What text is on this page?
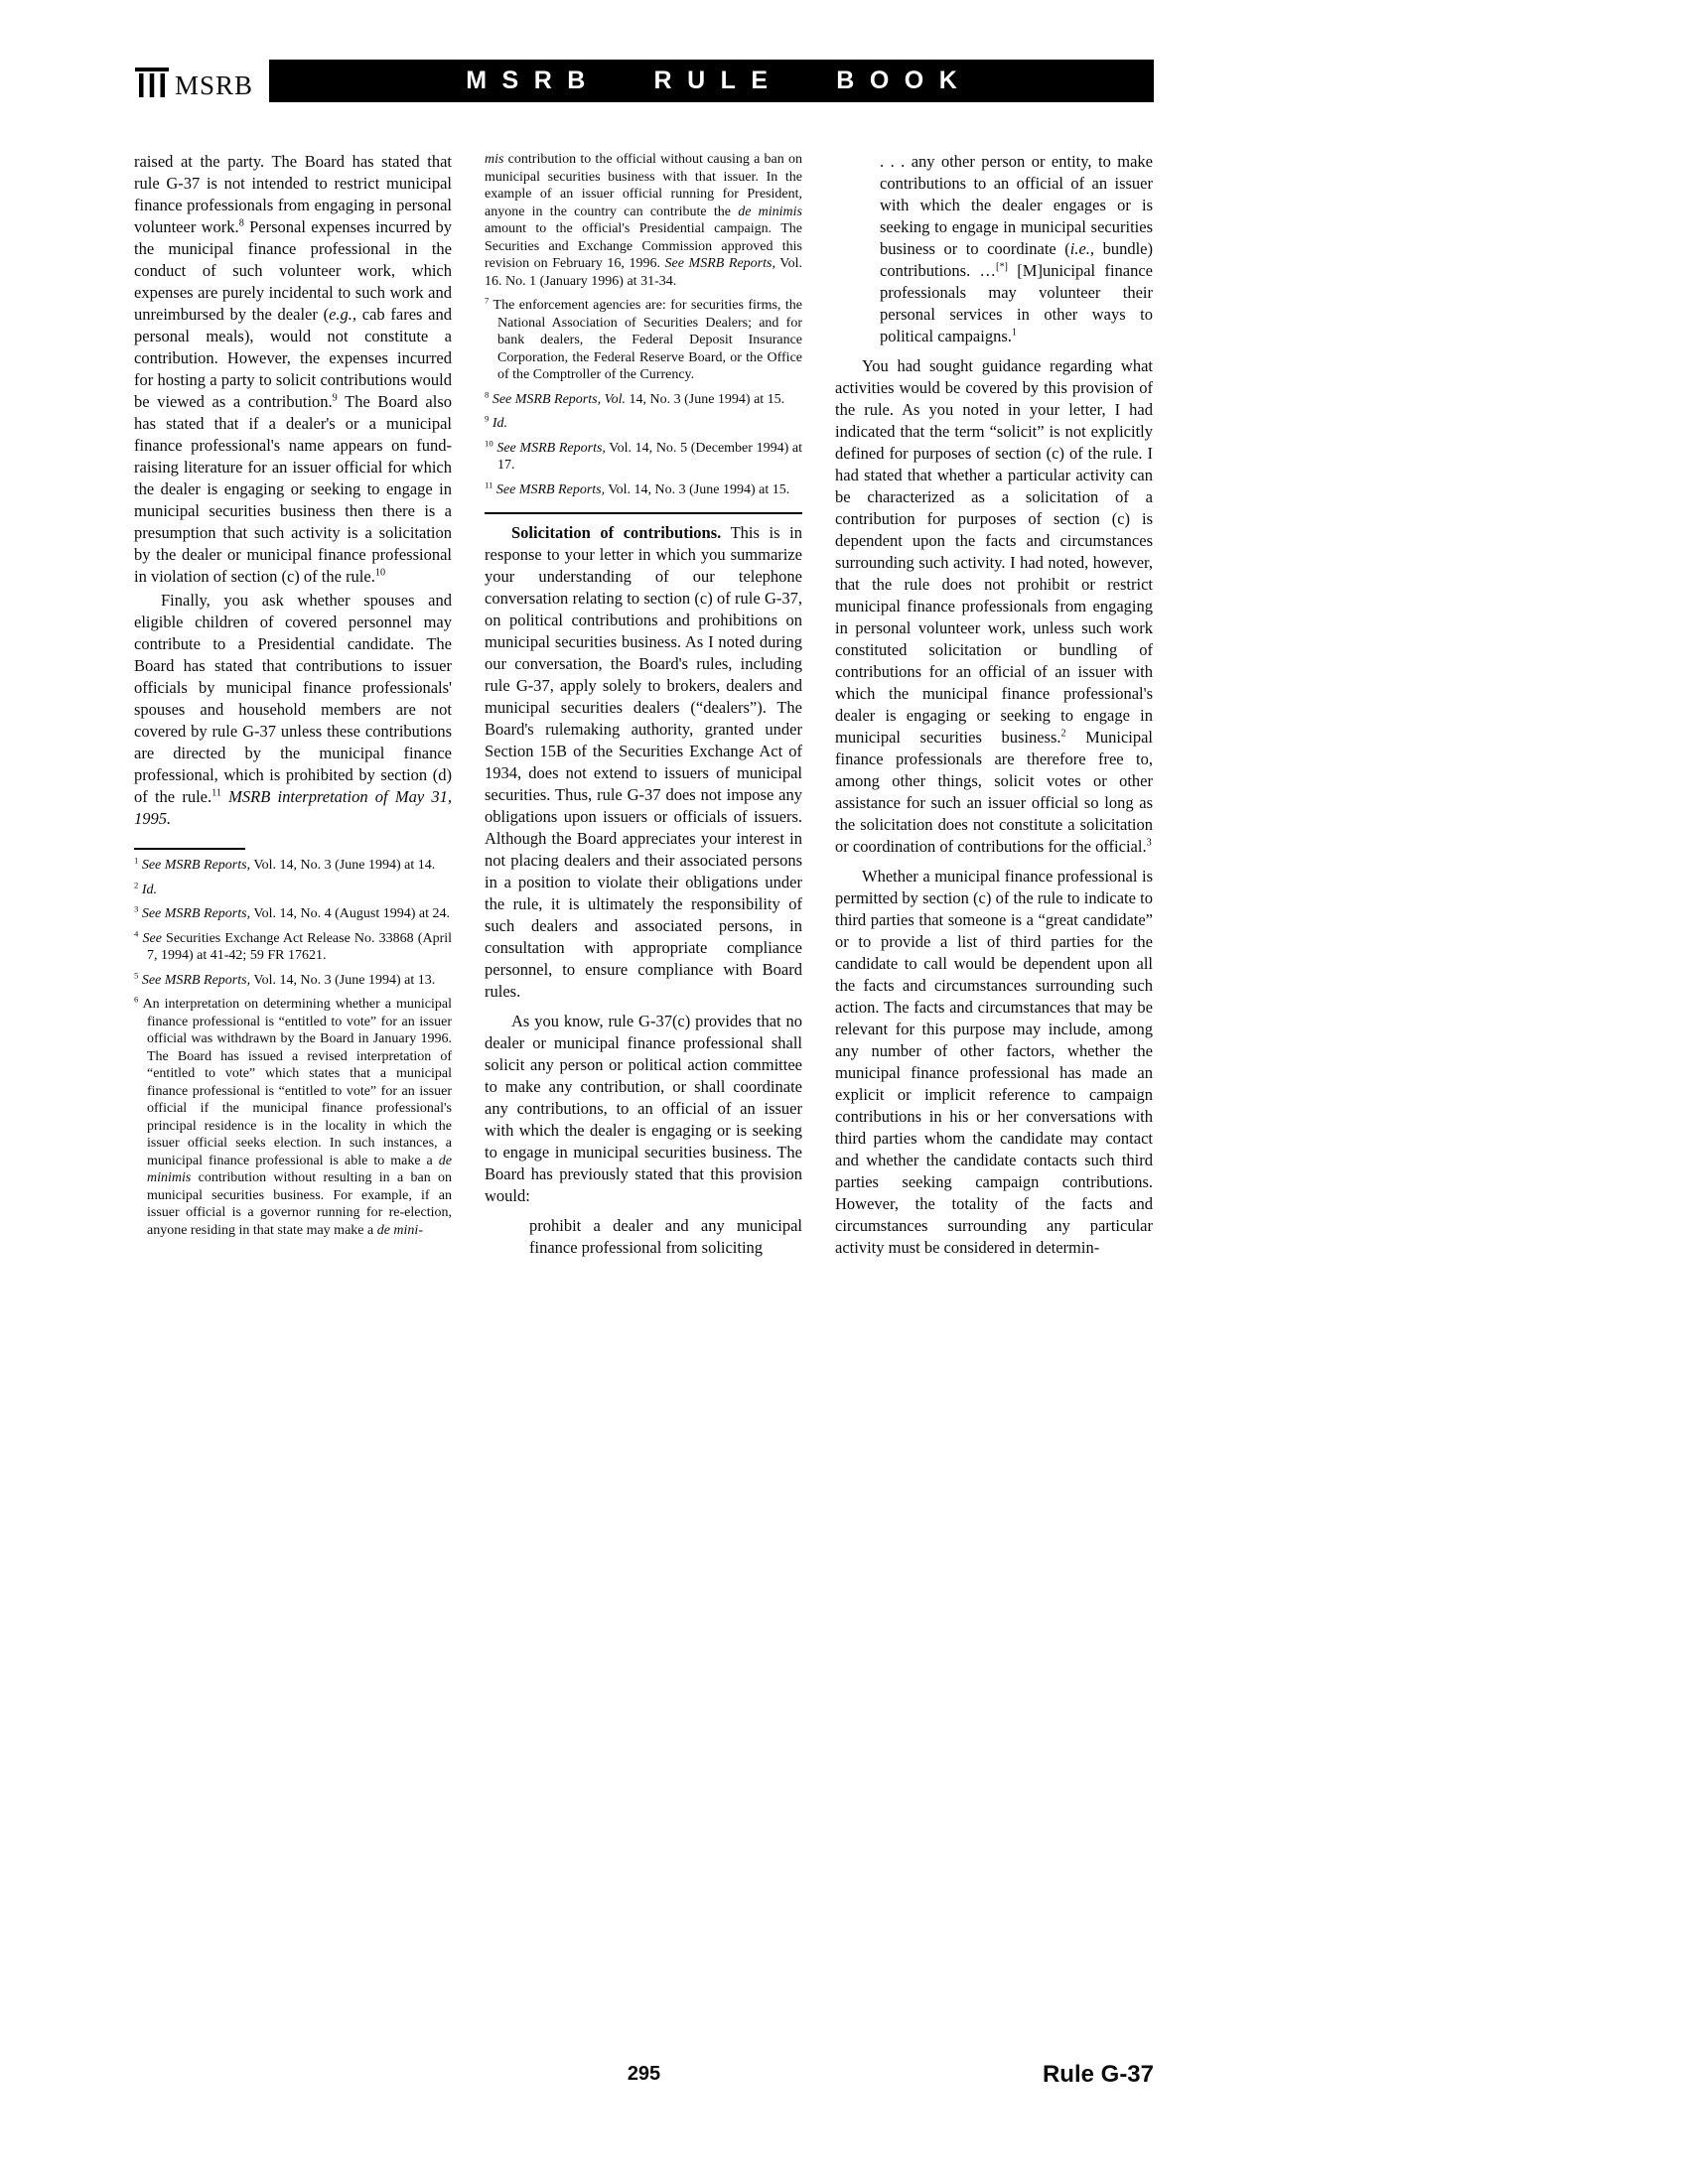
MSRB	MSRB RULE BOOK

raised at the party. The Board has stated that rule G-37 is not intended to restrict municipal finance professionals from engaging in personal volunteer work.$^8$ Personal expenses incurred by the municipal finance professional in the conduct of such volunteer work, which expenses are purely incidental to such work and unreimbursed by the dealer (e.g., cab fares and personal meals), would not constitute a contribution. However, the expenses incurred for hosting a party to solicit contributions would be viewed as a contribution.$^9$ The Board also has stated that if a dealer's or a municipal finance professional's name appears on fund-raising literature for an issuer official for which the dealer is engaging or seeking to engage in municipal securities business then there is a presumption that such activity is a solicitation by the dealer or municipal finance professional in violation of section (c) of the rule.$^{10}$

Finally, you ask whether spouses and eligible children of covered personnel may contribute to a Presidential candidate. The Board has stated that contributions to issuer officials by municipal finance professionals' spouses and household members are not covered by rule G-37 unless these contributions are directed by the municipal finance professional, which is prohibited by section (d) of the rule.$^{11}$ MSRB interpretation of May 31, 1995.

$^1$ See MSRB Reports, Vol. 14, No. 3 (June 1994) at 14.

$^2$ Id.

$^3$ See MSRB Reports, Vol. 14, No. 4 (August 1994) at 24.

$^4$ See Securities Exchange Act Release No. 33868 (April 7, 1994) at 41-42; 59 FR 17621.

$^5$ See MSRB Reports, Vol. 14, No. 3 (June 1994) at 13.

$^6$ An interpretation on determining whether a municipal finance professional is “entitled to vote” for an issuer official was withdrawn by the Board in January 1996. The Board has issued a revised interpretation of “entitled to vote” which states that a municipal finance professional is “entitled to vote” for an issuer official if the municipal finance professional's principal residence is in the locality in which the issuer official seeks election. In such instances, a municipal finance professional is able to make a de minimis contribution without resulting in a ban on municipal securities business. For example, if an issuer official is a governor running for re-election, anyone residing in that state may make a de mini-

mis contribution to the official without causing a ban on municipal securities business with that issuer. In the example of an issuer official running for President, anyone in the country can contribute the de minimis amount to the official's Presidential campaign. The Securities and Exchange Commission approved this revision on February 16, 1996. See MSRB Reports, Vol. 16. No. 1 (January 1996) at 31-34.

$^7$ The enforcement agencies are: for securities firms, the National Association of Securities Dealers; and for bank dealers, the Federal Deposit Insurance Corporation, the Federal Reserve Board, or the Office of the Comptroller of the Currency.

$^8$ See MSRB Reports, Vol. 14, No. 3 (June 1994) at 15.

$^9$ Id.

$^{10}$ See MSRB Reports, Vol. 14, No. 5 (December 1994) at 17.

$^{11}$ See MSRB Reports, Vol. 14, No. 3 (June 1994) at 15.

Solicitation of contributions. This is in response to your letter in which you summarize your understanding of our telephone conversation relating to section (c) of rule G-37, on political contributions and prohibitions on municipal securities business. As I noted during our conversation, the Board's rules, including rule G-37, apply solely to brokers, dealers and municipal securities dealers (“dealers”). The Board's rulemaking authority, granted under Section 15B of the Securities Exchange Act of 1934, does not extend to issuers of municipal securities. Thus, rule G-37 does not impose any obligations upon issuers or officials of issuers. Although the Board appreciates your interest in not placing dealers and their associated persons in a position to violate their obligations under the rule, it is ultimately the responsibility of such dealers and associated persons, in consultation with appropriate compliance personnel, to ensure compliance with Board rules.

As you know, rule G-37(c) provides that no dealer or municipal finance professional shall solicit any person or political action committee to make any contribution, or shall coordinate any contributions, to an official of an issuer with which the dealer is engaging or is seeking to engage in municipal securities business. The Board has previously stated that this provision would:

prohibit a dealer and any municipal finance professional from soliciting

. . . any other person or entity, to make contributions to an official of an issuer with which the dealer engages or is seeking to engage in municipal securities business or to coordinate (i.e., bundle) contributions. …[*] [M]unicipal finance professionals may volunteer their personal services in other ways to political campaigns.$^1$

You had sought guidance regarding what activities would be covered by this provision of the rule. As you noted in your letter, I had indicated that the term “solicit” is not explicitly defined for purposes of section (c) of the rule. I had stated that whether a particular activity can be characterized as a solicitation of a contribution for purposes of section (c) is dependent upon the facts and circumstances surrounding such activity. I had noted, however, that the rule does not prohibit or restrict municipal finance professionals from engaging in personal volunteer work, unless such work constituted solicitation or bundling of contributions for an official of an issuer with which the municipal finance professional's dealer is engaging or seeking to engage in municipal securities business.$^2$ Municipal finance professionals are therefore free to, among other things, solicit votes or other assistance for such an issuer official so long as the solicitation does not constitute a solicitation or coordination of contributions for the official.$^3$

Whether a municipal finance professional is permitted by section (c) of the rule to indicate to third parties that someone is a “great candidate” or to provide a list of third parties for the candidate to call would be dependent upon all the facts and circumstances surrounding such action. The facts and circumstances that may be relevant for this purpose may include, among any number of other factors, whether the municipal finance professional has made an explicit or implicit reference to campaign contributions in his or her conversations with third parties whom the candidate may contact and whether the candidate contacts such third parties seeking campaign contributions. However, the totality of the facts and circumstances surrounding any particular activity must be considered in determin-

295	Rule G-37
